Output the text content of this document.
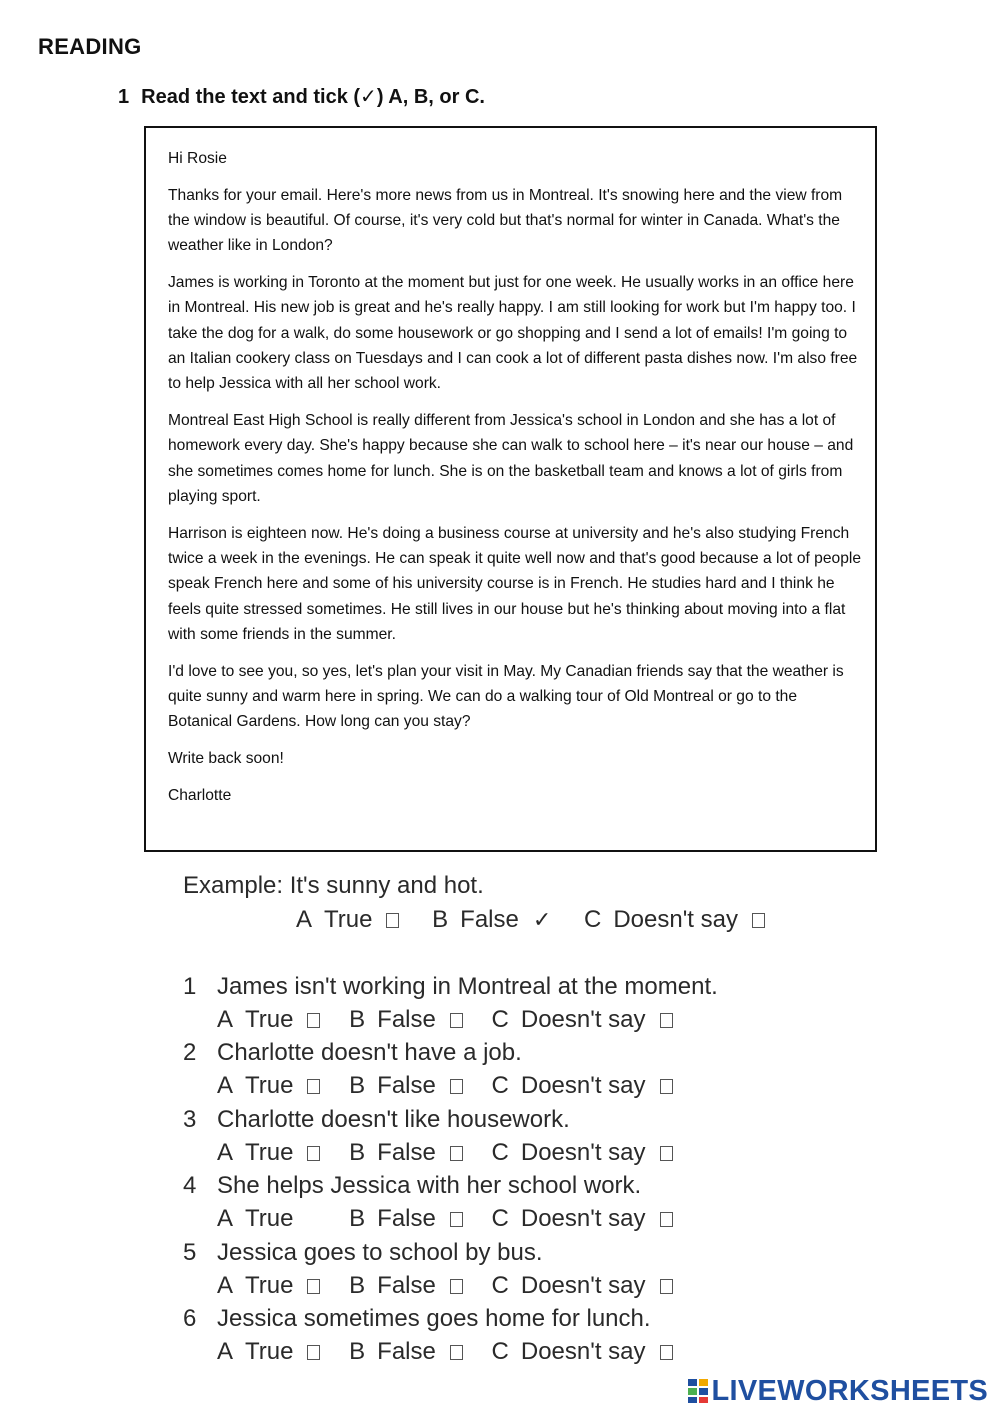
READING
1 Read the text and tick (✓) A, B, or C.

Hi Rosie

Thanks for your email. Here's more news from us in Montreal. It's snowing here and the view from the window is beautiful. Of course, it's very cold but that's normal for winter in Canada. What's the weather like in London?

James is working in Toronto at the moment but just for one week. He usually works in an office here in Montreal. His new job is great and he's really happy. I am still looking for work but I'm happy too. I take the dog for a walk, do some housework or go shopping and I send a lot of emails! I'm going to an Italian cookery class on Tuesdays and I can cook a lot of different pasta dishes now. I'm also free to help Jessica with all her school work.

Montreal East High School is really different from Jessica's school in London and she has a lot of homework every day. She's happy because she can walk to school here – it's near our house – and she sometimes comes home for lunch. She is on the basketball team and knows a lot of girls from playing sport.

Harrison is eighteen now. He's doing a business course at university and he's also studying French twice a week in the evenings. He can speak it quite well now and that's good because a lot of people speak French here and some of his university course is in French. He studies hard and I think he feels quite stressed sometimes. He still lives in our house but he's thinking about moving into a flat with some friends in the summer.

I'd love to see you, so yes, let's plan your visit in May. My Canadian friends say that the weather is quite sunny and warm here in spring. We can do a walking tour of Old Montreal or go to the Botanical Gardens. How long can you stay?

Write back soon!

Charlotte

Example: It's sunny and hot.
A True B False ✓ C Doesn't say
1 James isn't working in Montreal at the moment.
A True B False C Doesn't say
2 Charlotte doesn't have a job.
A True B False C Doesn't say
3 Charlotte doesn't like housework.
A True B False C Doesn't say
4 She helps Jessica with her school work.
A True B False C Doesn't say
5 Jessica goes to school by bus.
A True B False C Doesn't say
6 Jessica sometimes goes home for lunch.
A True B False C Doesn't say
LIVEWORKSHEETS
